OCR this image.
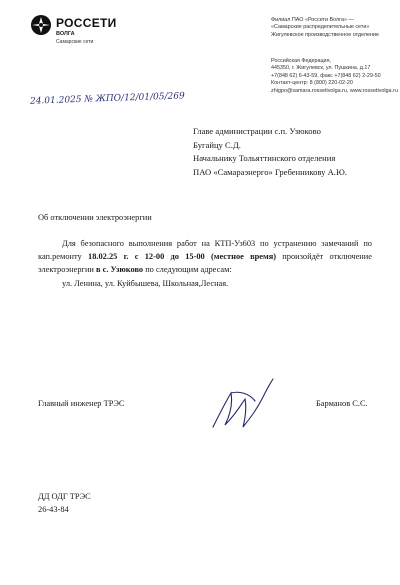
РОССЕТИ
ВОЛГА
Самарские сети
Филиал ПАО «Россети Волга» —
«Самарские распределительные сети»
Жигулевское производственное отделение
Российская Федерация,
445350, г. Жигулевск, ул. Пушкина, д.17
+7(848 62) 6-43-59, факс +7(848 62) 2-29-50
Контакт-центр: 8 (800) 220-02-20
zhigpo@samara.rossetivolga.ru, www.rossetivolga.ru
24.01.2025 № ЖПО/12/01/05/269
Главе администрации с.п. Узюково
Бугайцу С.Д.
Начальнику Тольяттинского отделения
ПАО «Самараэнерго» Гребенникову А.Ю.
Об отключении электроэнергии

Для безопасного выполнения работ на КТП-Уз603 по устранению замечаний по кап.ремонту 18.02.25 г. с 12-00 до 15-00 (местное время) произойдёт отключение электроэнергии в с. Узюково по следующим адресам:

ул. Ленина, ул. Куйбышева, Школьная,Лесная.

Главный инженер ТРЭС	Барманов С.С.
ДД ОДГ ТРЭС
26-43-84
